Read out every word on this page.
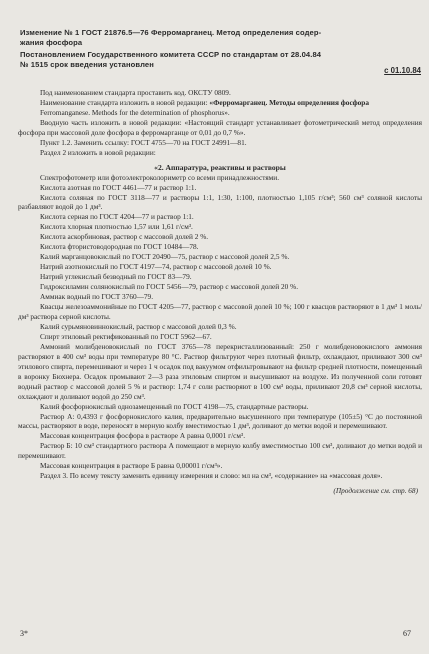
Изменение № 1 ГОСТ 21876.5—76 Ферромарганец. Метод определения содер-
жания фосфора
Постановлением Государственного комитета СССР по стандартам от 28.04.84
№ 1515 срок введения установлен
с 01.10.84

Под наименованием стандарта проставить код. ОКСТУ 0809.

Наименование стандарта изложить в новой редакции: «Ферромарганец. Методы определения фосфора

Ferromanganese. Methods for the determination of phosphorus».

Вводную часть изложить в новой редакции: «Настоящий стандарт устанавливает фотометрический метод определения фосфора при массовой доле фосфора в ферромарганце от 0,01 до 0,7 %».

Пункт 1.2. Заменить ссылку: ГОСТ 4755—70 на ГОСТ 24991—81.

Раздел 2 изложить в новой редакции:

«2. Аппаратура, реактивы и растворы

Спектрофотометр или фотоэлектроколориметр со всеми принадлежностями.

Кислота азотная по ГОСТ 4461—77 и раствор 1:1.

Кислота соляная по ГОСТ 3118—77 и растворы 1:1, 1:30, 1:100, плотностью 1,105 г/см³; 560 см³ соляной кислоты разбавляют водой до 1 дм³.

Кислота серная по ГОСТ 4204—77 и раствор 1:1.

Кислота хлорная плотностью 1,57 или 1,61 г/см³.

Кислота аскорбиновая, раствор с массовой долей 2 %.

Кислота фтористоводородная по ГОСТ 10484—78.

Калий марганцовокислый по ГОСТ 20490—75, раствор с массовой долей 2,5 %.

Натрий азотнокислый по ГОСТ 4197—74, раствор с массовой долей 10 %.

Натрий углекислый безводный по ГОСТ 83—79.

Гидроксиламин солянокислый по ГОСТ 5456—79, раствор с массовой долей 20 %.

Аммиак водный по ГОСТ 3760—79.

Квасцы железоаммонийные по ГОСТ 4205—77, раствор с массовой долей 10 %; 100 г квасцов растворяют в 1 дм³ 1 моль/дм³ раствора серной кислоты.

Калий сурьмяновиннокислый, раствор с массовой долей 0,3 %.

Спирт этиловый ректификованный по ГОСТ 5962—67.

Аммоний молибденовокислый по ГОСТ 3765—78 перекристаллизованный: 250 г молибденовокислого аммония растворяют в 400 см³ воды при температуре 80 °С. Раствор фильтруют через плотный фильтр, охлаждают, приливают 300 см³ этилового спирта, перемешивают и через 1 ч осадок под вакуумом отфильтровывают на фильтр средней плотности, помещенный в воронку Бюхнера. Осадок промывают 2—3 раза этиловым спиртом и высушивают на воздухе. Из полученной соли готовят водный раствор с массовой долей 5 % и раствор: 1,74 г соли растворяют в 100 см³ воды, приливают 20,8 см³ серной кислоты, охлаждают и доливают водой до 250 см³.

Калий фосфорнокислый однозамещенный по ГОСТ 4198—75, стандартные растворы.

Раствор А: 0,4393 г фосфорнокислого калия, предварительно высушенного при температуре (105±5) °С до постоянной массы, растворяют в воде, переносят в мерную колбу вместимостью 1 дм³, доливают до метки водой и перемешивают.

Массовая концентрация фосфора в растворе А равна 0,0001 г/см³.

Раствор Б: 10 см³ стандартного раствора А помещают в мерную колбу вместимостью 100 см³, доливают до метки водой и перемешивают.

Массовая концентрация в растворе Б равна 0,00001 г/см³».

Раздел 3. По всему тексту заменить единицу измерения и слово: мл на см³, «содержание» на «массовая доля».

(Продолжение см. стр. 68)

3*	67
